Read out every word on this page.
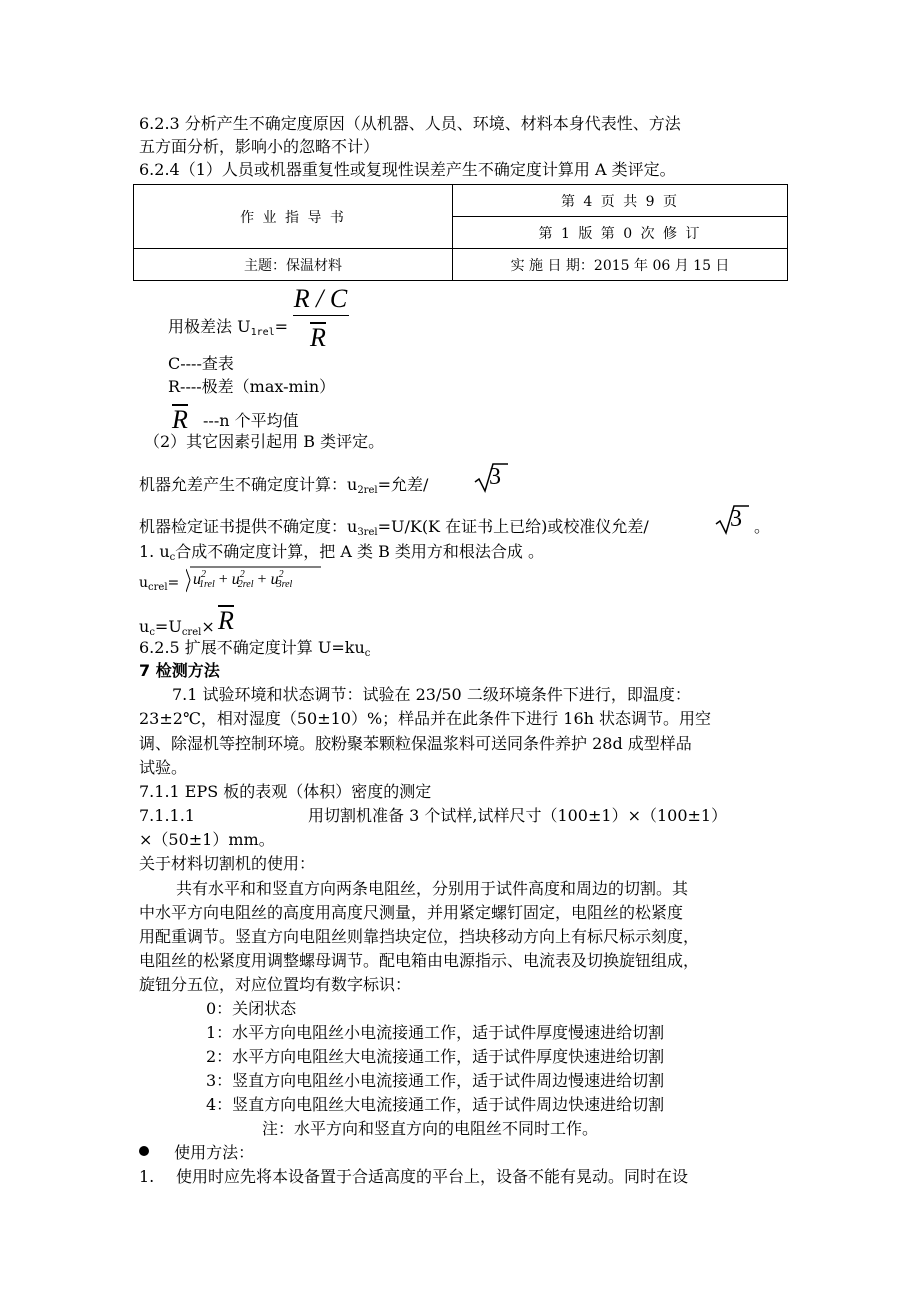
6.2.3 分析产生不确定度原因（从机器、人员、环境、材料本身代表性、方法
五方面分析，影响小的忽略不计）
6.2.4（1）人员或机器重复性或复现性误差产生不确定度计算用 A 类评定。
作 业 指 导 书	第 4 页 共 9 页
	第 1 版 第 0 次 修 订
主题：保温材料	实 施 日 期：2015 年 06 月 15 日
用极差法 $U_{1rel}=$
R / C
R
C----查表
R----极差（max-min）
R ---n 个平均值
（2）其它因素引起用 B 类评定。
机器允差产生不确定度计算：$u_{2rel}=$允差/	3
机器检定证书提供不确定度：$u_{3rel}=U/K(K$ 在证书上已给)或校准仪允差/	3 。
1. $u_c$合成不确定度计算，把 A 类 B 类用方和根法合成 。
$u_{crel}= u^2_{1rel} + u^2_{2rel} + u^2_{3rel}$
$u_c=U_{crel}\times R$
6.2.5 扩展不确定度计算 $U=ku_c$
7 检测方法
7.1 试验环境和状态调节：试验在 23/50 二级环境条件下进行，即温度：
23±2℃，相对湿度（50±10）%；样品并在此条件下进行 16h 状态调节。用空
调、除湿机等控制环境。胶粉聚苯颗粒保温浆料可送同条件养护 28d 成型样品
试验。
7.1.1 EPS 板的表观（体积）密度的测定
7.1.1.1	用切割机准备 3 个试样,试样尺寸（100±1）×（100±1）
×（50±1）mm。
关于材料切割机的使用：
共有水平和和竖直方向两条电阻丝，分别用于试件高度和周边的切割。其
中水平方向电阻丝的高度用高度尺测量，并用紧定螺钉固定，电阻丝的松紧度
用配重调节。竖直方向电阻丝则靠挡块定位，挡块移动方向上有标尺标示刻度，
电阻丝的松紧度用调整螺母调节。配电箱由电源指示、电流表及切换旋钮组成，
旋钮分五位，对应位置均有数字标识：
0：关闭状态
1：水平方向电阻丝小电流接通工作，适于试件厚度慢速进给切割
2：水平方向电阻丝大电流接通工作，适于试件厚度快速进给切割
3：竖直方向电阻丝小电流接通工作，适于试件周边慢速进给切割
4：竖直方向电阻丝大电流接通工作，适于试件周边快速进给切割
注：水平方向和竖直方向的电阻丝不同时工作。
使用方法：
1. 使用时应先将本设备置于合适高度的平台上，设备不能有晃动。同时在设
